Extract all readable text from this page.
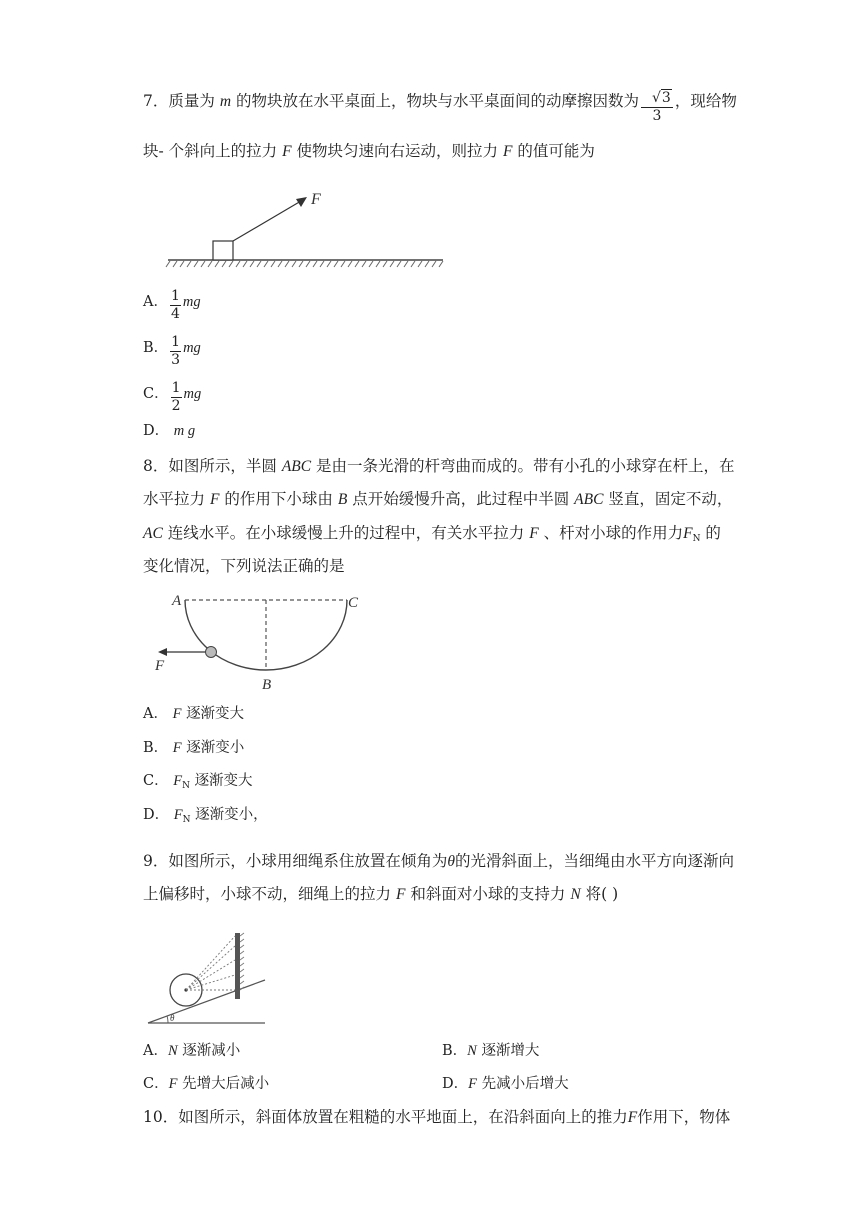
7．质量为 m 的物块放在水平桌面上，物块与水平桌面间的动摩擦因数为 $\frac{√3}{3}$ ，现给物
块- 个斜向上的拉力 F 使物块匀速向右运动，则拉力 F 的值可能为
F
A． $\frac{1}{4}$ mg
B． $\frac{1}{3}$ mg
C． $\frac{1}{2}$ mg
D． m g
8．如图所示，半圆 ABC 是由一条光滑的杆弯曲而成的。带有小孔的小球穿在杆上，在
水平拉力 F 的作用下小球由 B 点开始缓慢升高，此过程中半圆 ABC 竖直，固定不动，
AC 连线水平。在小球缓慢上升的过程中，有关水平拉力 F 、杆对小球的作用力$F_N$ 的
变化情况，下列说法正确的是
A	C
B
F
A． F 逐渐变大
B． F 逐渐变小
C． $F_N$ 逐渐变大
D． $F_N$ 逐渐变小，
9．如图所示，小球用细绳系住放置在倾角为θ的光滑斜面上，当细绳由水平方向逐渐向
上偏移时，小球不动，细绳上的拉力 F 和斜面对小球的支持力 N 将( )
θ
A．N 逐渐减小	B．N 逐渐增大
C．F 先增大后减小	D．F 先减小后增大
10．如图所示，斜面体放置在粗糙的水平地面上，在沿斜面向上的推力F作用下，物体
